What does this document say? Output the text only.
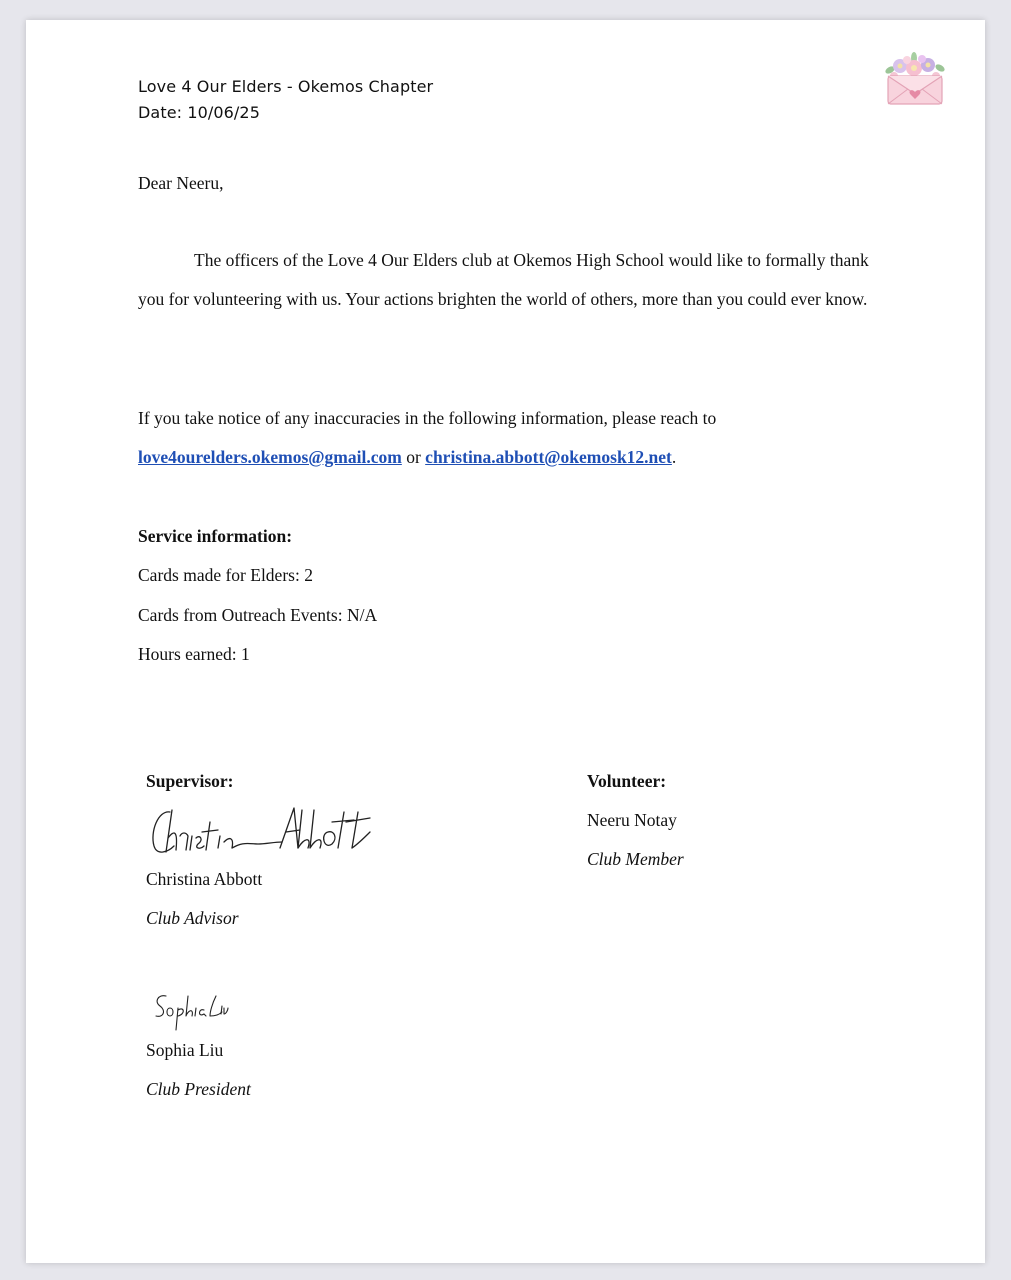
Love 4 Our Elders - Okemos Chapter
Date: 10/06/25
Dear Neeru,
The officers of the Love 4 Our Elders club at Okemos High School would like to formally thank you for volunteering with us. Your actions brighten the world of others, more than you could ever know.
If you take notice of any inaccuracies in the following information, please reach to
love4ourelders.okemos@gmail.com or christina.abbott@okemosk12.net.
Service information:
Cards made for Elders: 2
Cards from Outreach Events: N/A
Hours earned: 1
Supervisor:
Christina Abbott
Club Advisor
Sophia Liu
Club President
Volunteer:
Neeru Notay
Club Member
